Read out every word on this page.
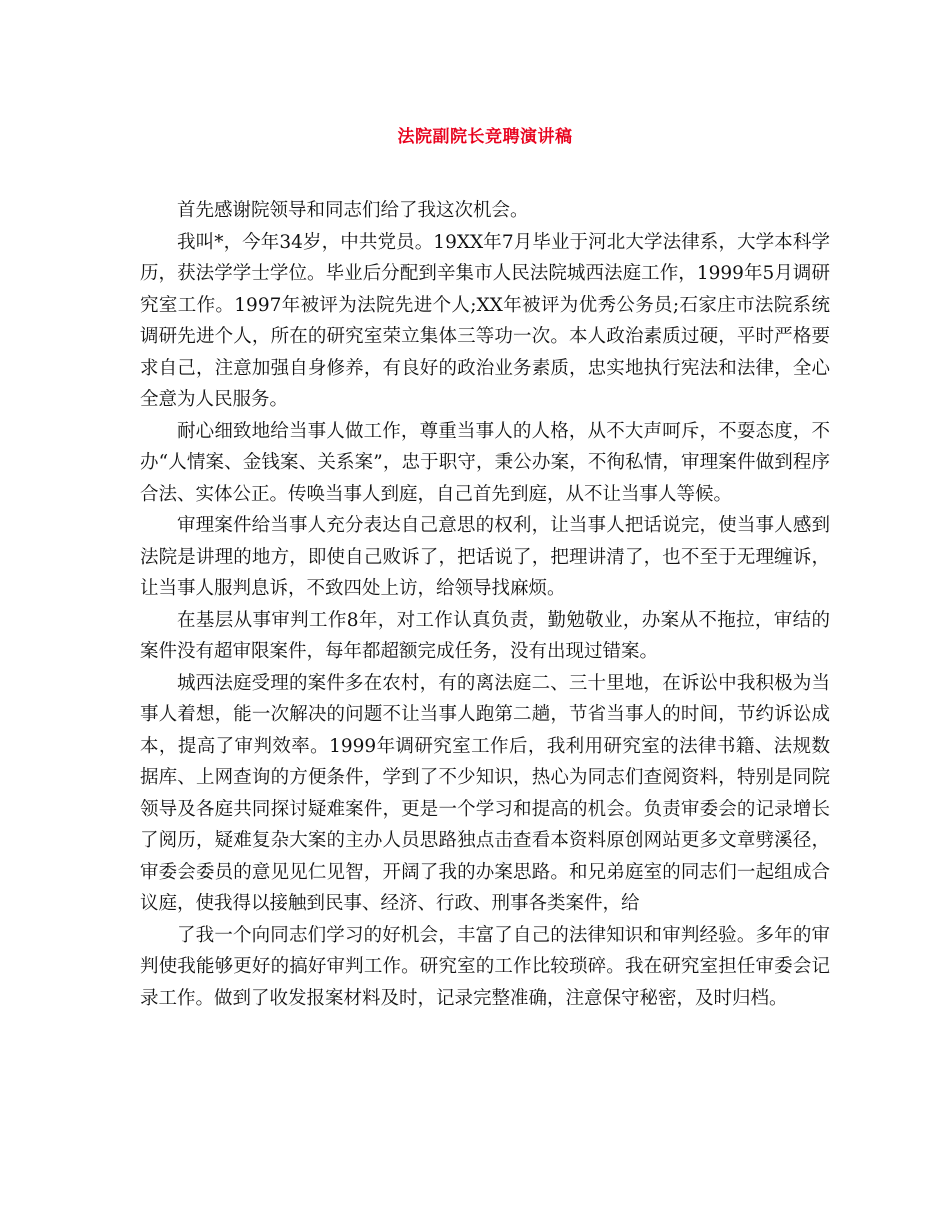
法院副院长竞聘演讲稿

首先感谢院领导和同志们给了我这次机会。

我叫*，今年34岁，中共党员。19XX年7月毕业于河北大学法律系，大学本科学历，获法学学士学位。毕业后分配到辛集市人民法院城西法庭工作，1999年5月调研究室工作。1997年被评为法院先进个人;XX年被评为优秀公务员;石家庄市法院系统调研先进个人，所在的研究室荣立集体三等功一次。本人政治素质过硬，平时严格要求自己，注意加强自身修养，有良好的政治业务素质，忠实地执行宪法和法律，全心全意为人民服务。

耐心细致地给当事人做工作，尊重当事人的人格，从不大声呵斥，不耍态度，不办“人情案、金钱案、关系案”，忠于职守，秉公办案，不徇私情，审理案件做到程序合法、实体公正。传唤当事人到庭，自己首先到庭，从不让当事人等候。

审理案件给当事人充分表达自己意思的权利，让当事人把话说完，使当事人感到法院是讲理的地方，即使自己败诉了，把话说了，把理讲清了，也不至于无理缠诉，让当事人服判息诉，不致四处上访，给领导找麻烦。

在基层从事审判工作8年，对工作认真负责，勤勉敬业，办案从不拖拉，审结的案件没有超审限案件，每年都超额完成任务，没有出现过错案。

城西法庭受理的案件多在农村，有的离法庭二、三十里地，在诉讼中我积极为当事人着想，能一次解决的问题不让当事人跑第二趟，节省当事人的时间，节约诉讼成本，提高了审判效率。1999年调研究室工作后，我利用研究室的法律书籍、法规数据库、上网查询的方便条件，学到了不少知识，热心为同志们查阅资料，特别是同院领导及各庭共同探讨疑难案件，更是一个学习和提高的机会。负责审委会的记录增长了阅历，疑难复杂大案的主办人员思路独点击查看本资料原创网站更多文章劈溪径，审委会委员的意见见仁见智，开阔了我的办案思路。和兄弟庭室的同志们一起组成合议庭，使我得以接触到民事、经济、行政、刑事各类案件，给

了我一个向同志们学习的好机会，丰富了自己的法律知识和审判经验。多年的审判使我能够更好的搞好审判工作。研究室的工作比较琐碎。我在研究室担任审委会记录工作。做到了收发报案材料及时，记录完整准确，注意保守秘密，及时归档。
